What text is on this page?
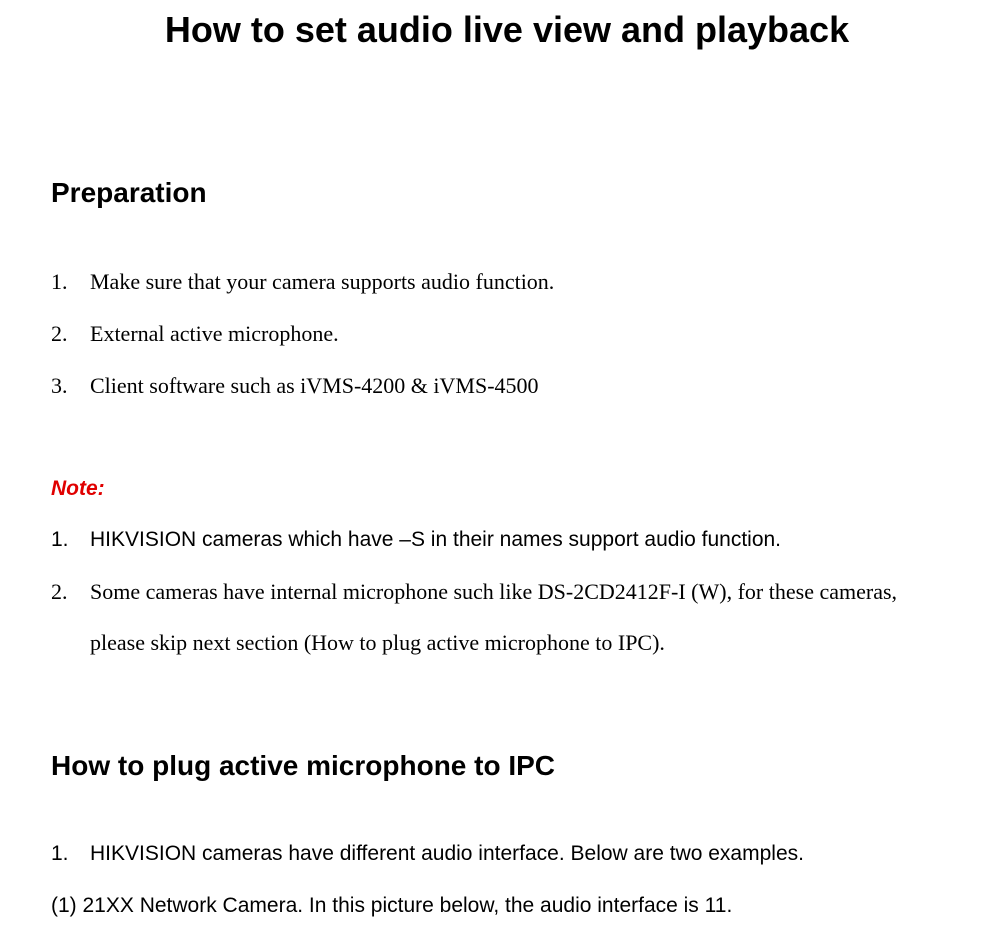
How to set audio live view and playback
Preparation
1. Make sure that your camera supports audio function.
2. External active microphone.
3. Client software such as iVMS-4200 & iVMS-4500
Note:
1. HIKVISION cameras which have –S in their names support audio function.
2.	Some cameras have internal microphone such like DS-2CD2412F-I (W), for these cameras,
please skip next section (How to plug active microphone to IPC).
How to plug active microphone to IPC
1. HIKVISION cameras have different audio interface. Below are two examples.
(1) 21XX Network Camera. In this picture below, the audio interface is 11.
